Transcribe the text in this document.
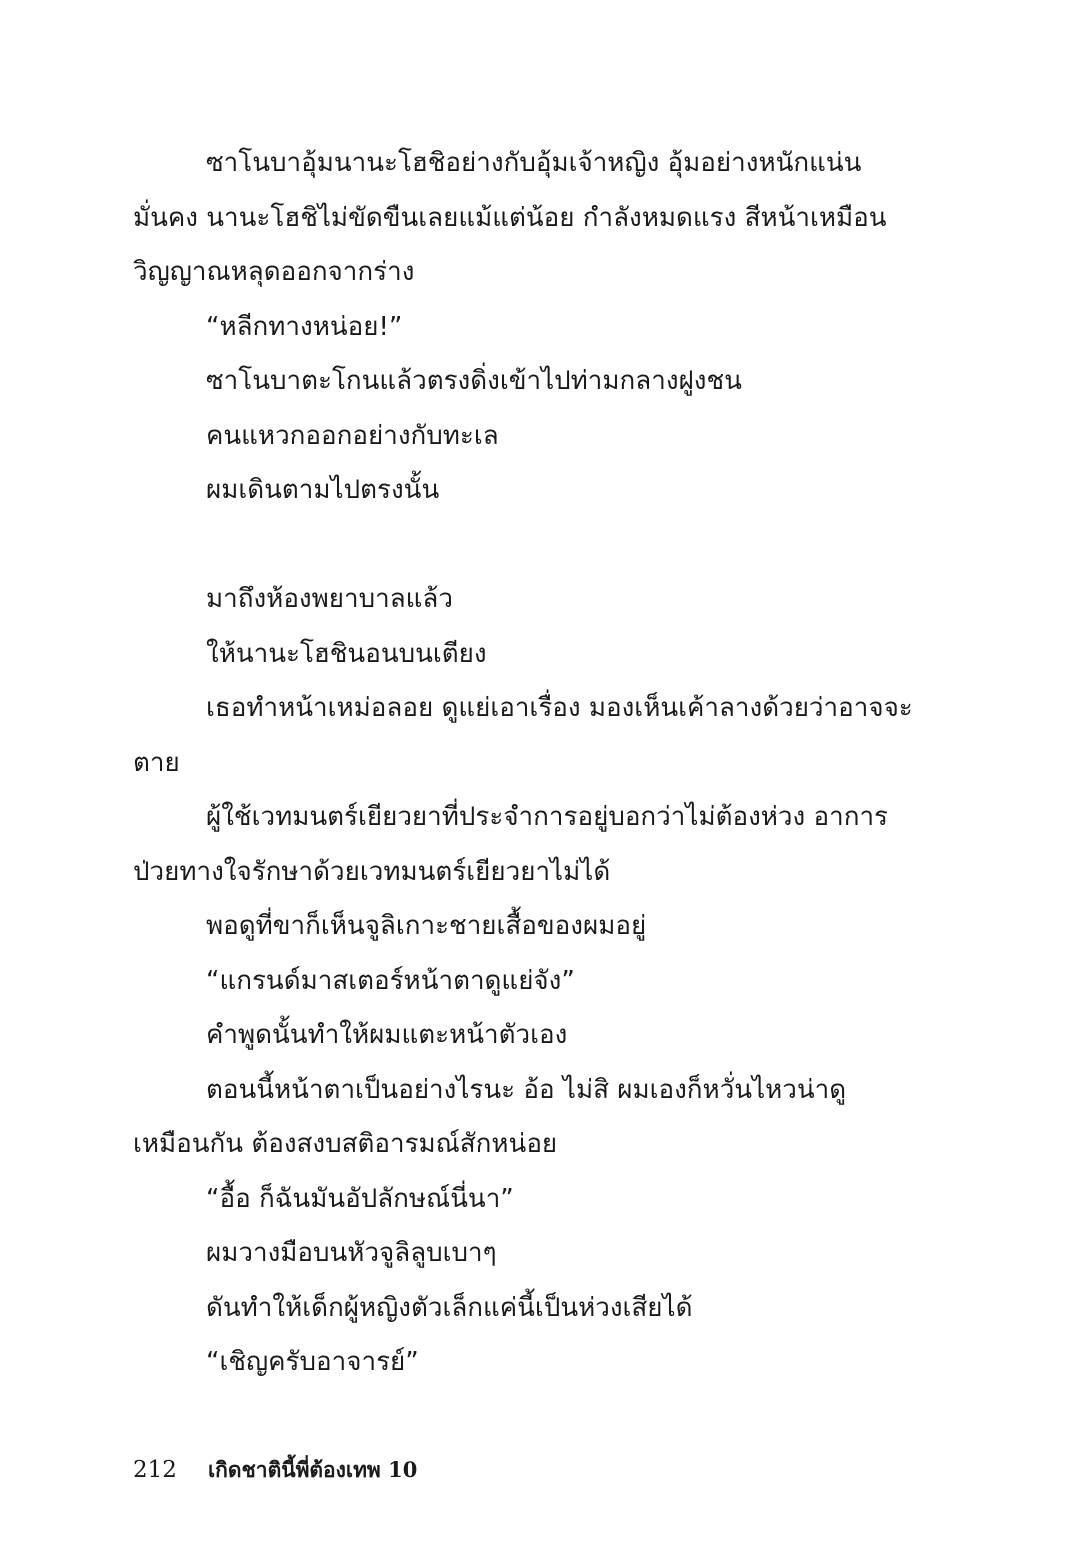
ซาโนบาอุ้มนานะโฮชิอย่างกับอุ้มเจ้าหญิง อุ้มอย่างหนักแน่น
มั่นคง นานะโฮชิไม่ขัดขืนเลยแม้แต่น้อย กำลังหมดแรง สีหน้าเหมือน
วิญญาณหลุดออกจากร่าง
“หลีกทางหน่อย!”
ซาโนบาตะโกนแล้วตรงดิ่งเข้าไปท่ามกลางฝูงชน
คนแหวกออกอย่างกับทะเล
ผมเดินตามไปตรงนั้น
มาถึงห้องพยาบาลแล้ว
ให้นานะโฮชินอนบนเตียง
เธอทำหน้าเหม่อลอย ดูแย่เอาเรื่อง มองเห็นเค้าลางด้วยว่าอาจจะ
ตาย
ผู้ใช้เวทมนตร์เยียวยาที่ประจำการอยู่บอกว่าไม่ต้องห่วง อาการ
ป่วยทางใจรักษาด้วยเวทมนตร์เยียวยาไม่ได้
พอดูที่ขาก็เห็นจูลิเกาะชายเสื้อของผมอยู่
“แกรนด์มาสเตอร์หน้าตาดูแย่จัง”
คำพูดนั้นทำให้ผมแตะหน้าตัวเอง
ตอนนี้หน้าตาเป็นอย่างไรนะ อ้อ ไม่สิ ผมเองก็หวั่นไหวน่าดู
เหมือนกัน ต้องสงบสติอารมณ์สักหน่อย
“อื้อ ก็ฉันมันอัปลักษณ์นี่นา”
ผมวางมือบนหัวจูลิลูบเบาๆ
ดันทำให้เด็กผู้หญิงตัวเล็กแค่นี้เป็นห่วงเสียได้
“เชิญครับอาจารย์”
212 เกิดชาตินี้พี่ต้องเทพ 10
